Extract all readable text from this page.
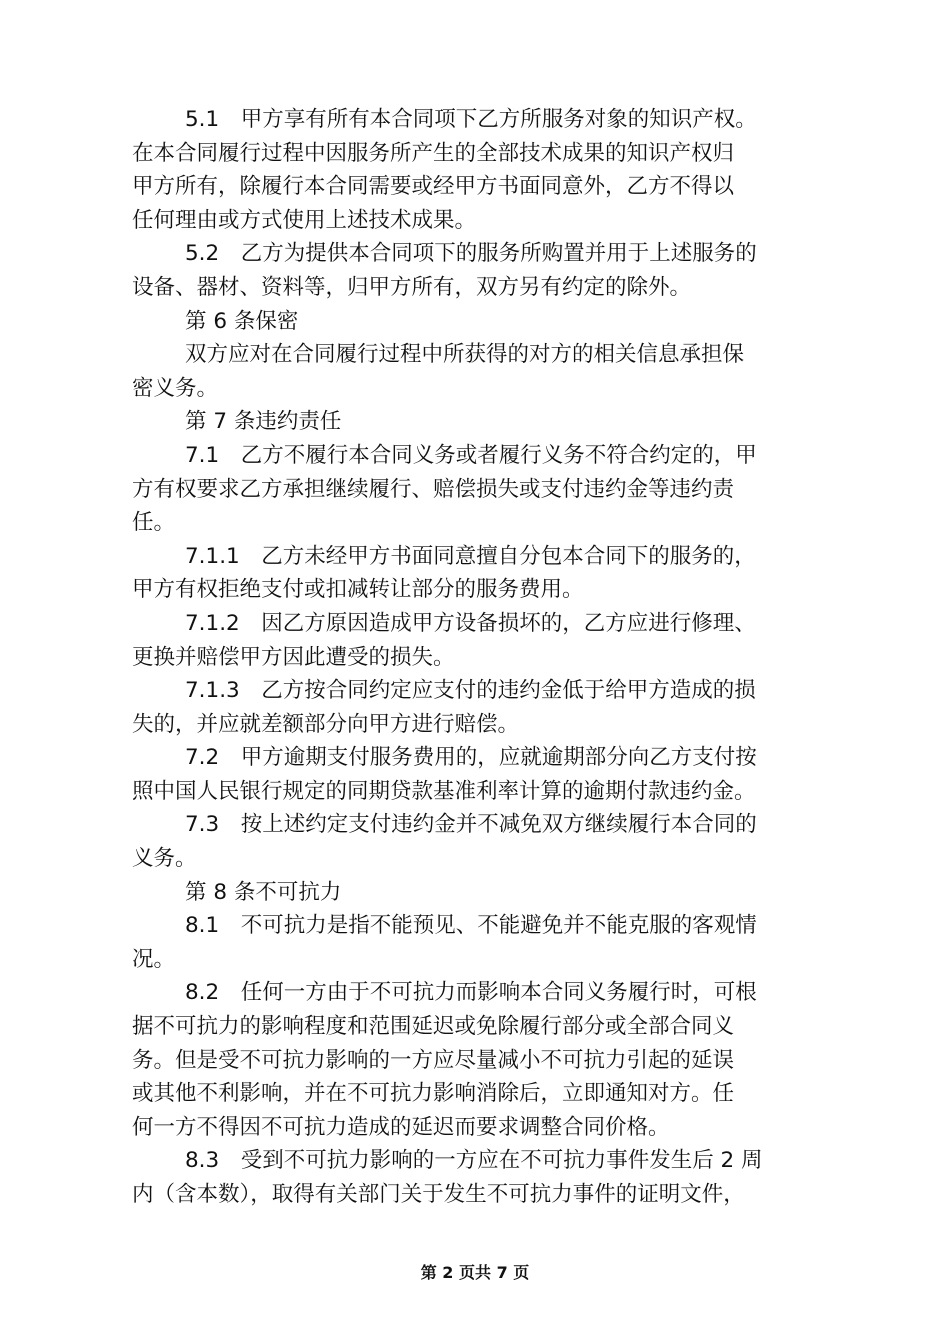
5.1　甲方享有所有本合同项下乙方所服务对象的知识产权。
在本合同履行过程中因服务所产生的全部技术成果的知识产权归
甲方所有，除履行本合同需要或经甲方书面同意外，乙方不得以
任何理由或方式使用上述技术成果。
5.2　乙方为提供本合同项下的服务所购置并用于上述服务的
设备、器材、资料等，归甲方所有，双方另有约定的除外。
第 6 条保密
双方应对在合同履行过程中所获得的对方的相关信息承担保
密义务。
第 7 条违约责任
7.1　乙方不履行本合同义务或者履行义务不符合约定的，甲
方有权要求乙方承担继续履行、赔偿损失或支付违约金等违约责
任。
7.1.1　乙方未经甲方书面同意擅自分包本合同下的服务的，
甲方有权拒绝支付或扣减转让部分的服务费用。
7.1.2　因乙方原因造成甲方设备损坏的，乙方应进行修理、
更换并赔偿甲方因此遭受的损失。
7.1.3　乙方按合同约定应支付的违约金低于给甲方造成的损
失的，并应就差额部分向甲方进行赔偿。
7.2　甲方逾期支付服务费用的，应就逾期部分向乙方支付按
照中国人民银行规定的同期贷款基准利率计算的逾期付款违约金。
7.3　按上述约定支付违约金并不减免双方继续履行本合同的
义务。
第 8 条不可抗力
8.1　不可抗力是指不能预见、不能避免并不能克服的客观情
况。
8.2　任何一方由于不可抗力而影响本合同义务履行时，可根
据不可抗力的影响程度和范围延迟或免除履行部分或全部合同义
务。但是受不可抗力影响的一方应尽量减小不可抗力引起的延误
或其他不利影响，并在不可抗力影响消除后，立即通知对方。任
何一方不得因不可抗力造成的延迟而要求调整合同价格。
8.3　受到不可抗力影响的一方应在不可抗力事件发生后 2 周
内（含本数），取得有关部门关于发生不可抗力事件的证明文件，
第 2 页共 7 页
